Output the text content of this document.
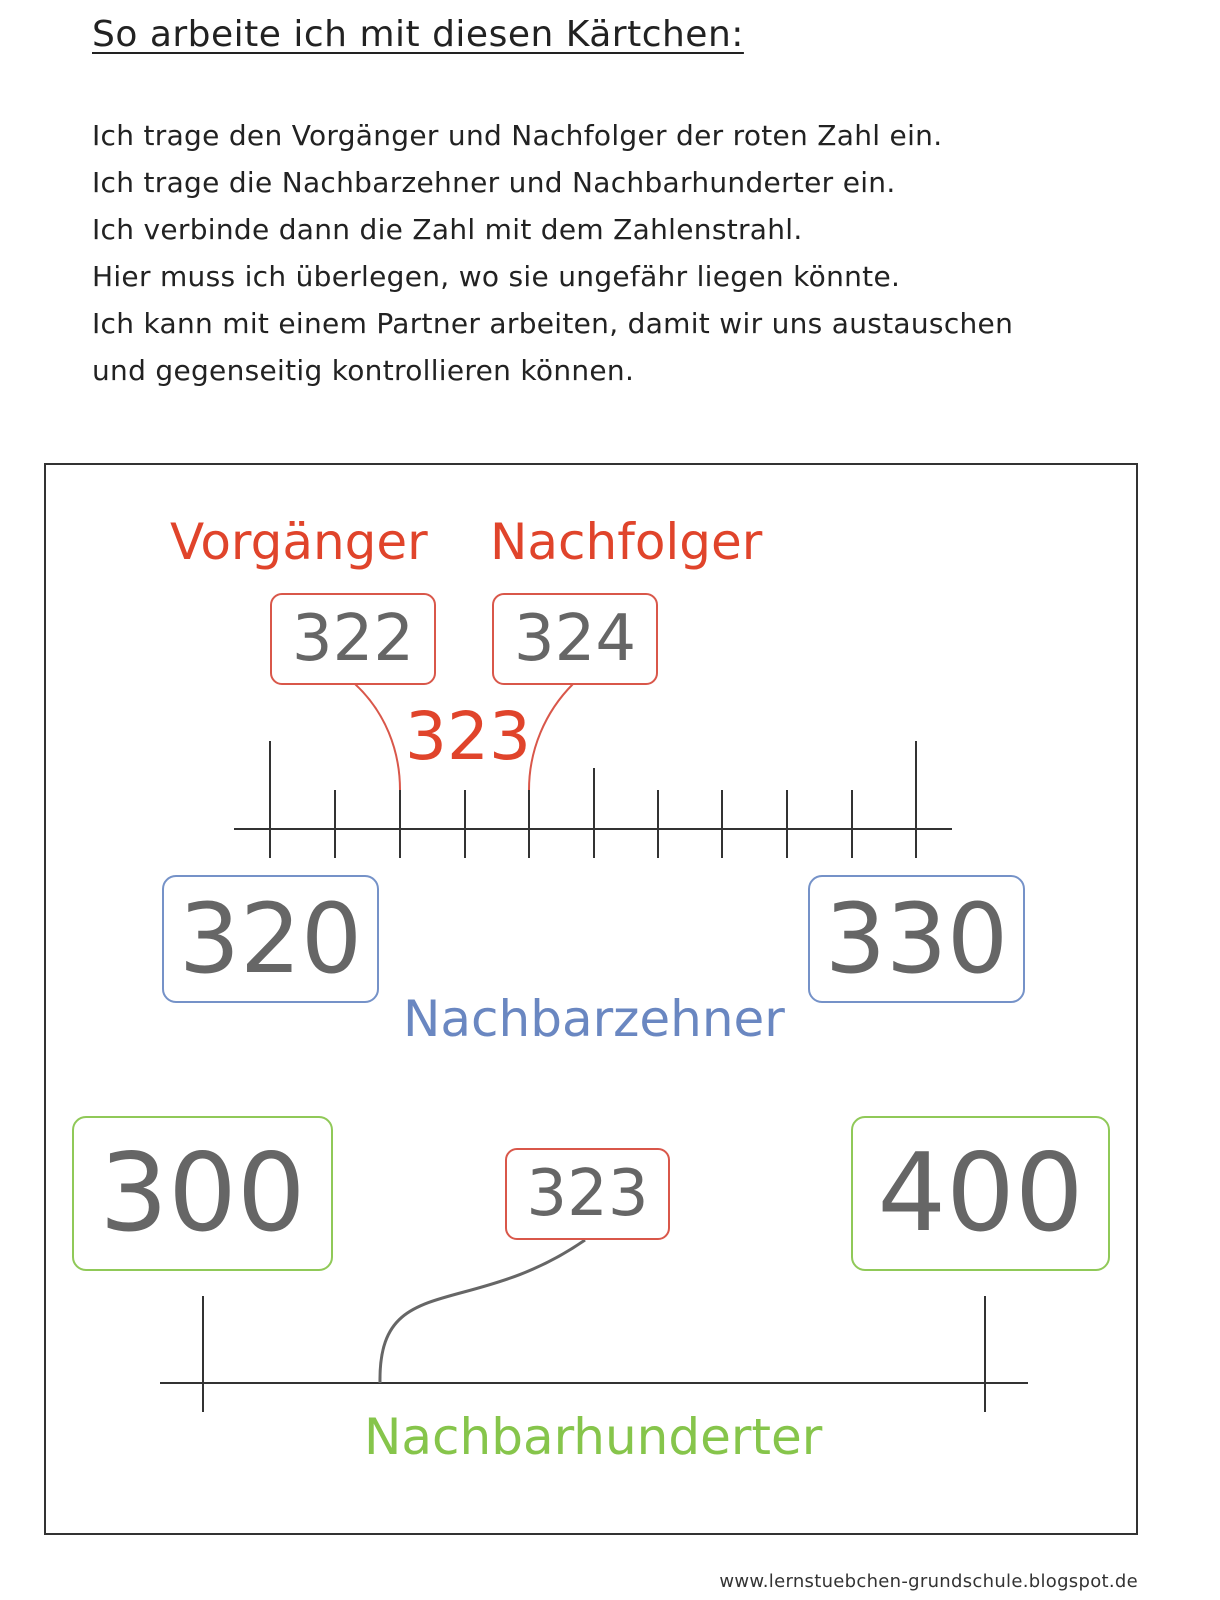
So arbeite ich mit diesen Kärtchen:
Ich trage den Vorgänger und Nachfolger der roten Zahl ein.
Ich trage die Nachbarzehner und Nachbarhunderter ein.
Ich verbinde dann die Zahl mit dem Zahlenstrahl.
Hier muss ich überlegen, wo sie ungefähr liegen könnte.
Ich kann mit einem Partner arbeiten, damit wir uns austauschen
und gegenseitig kontrollieren können.
Vorgänger Nachfolger
322	324
323
320	330
Nachbarzehner
300	400
323
Nachbarhunderter
www.lernstuebchen-grundschule.blogspot.de
